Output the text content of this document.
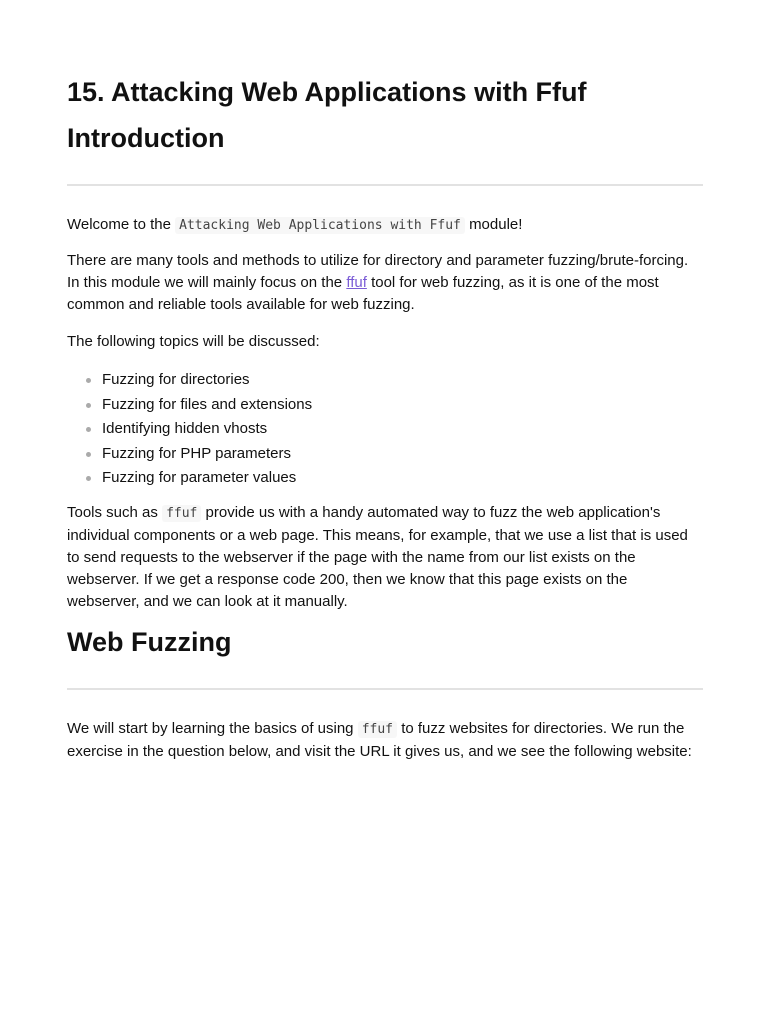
15. Attacking Web Applications with Ffuf Introduction

Welcome to the Attacking Web Applications with Ffuf module!

There are many tools and methods to utilize for directory and parameter fuzzing/brute-forcing. In this module we will mainly focus on the ffuf tool for web fuzzing, as it is one of the most common and reliable tools available for web fuzzing.

The following topics will be discussed:

Fuzzing for directories
Fuzzing for files and extensions
Identifying hidden vhosts
Fuzzing for PHP parameters
Fuzzing for parameter values

Tools such as ffuf provide us with a handy automated way to fuzz the web application's individual components or a web page. This means, for example, that we use a list that is used to send requests to the webserver if the page with the name from our list exists on the webserver. If we get a response code 200, then we know that this page exists on the webserver, and we can look at it manually.

Web Fuzzing

We will start by learning the basics of using ffuf to fuzz websites for directories. We run the exercise in the question below, and visit the URL it gives us, and we see the following website:
